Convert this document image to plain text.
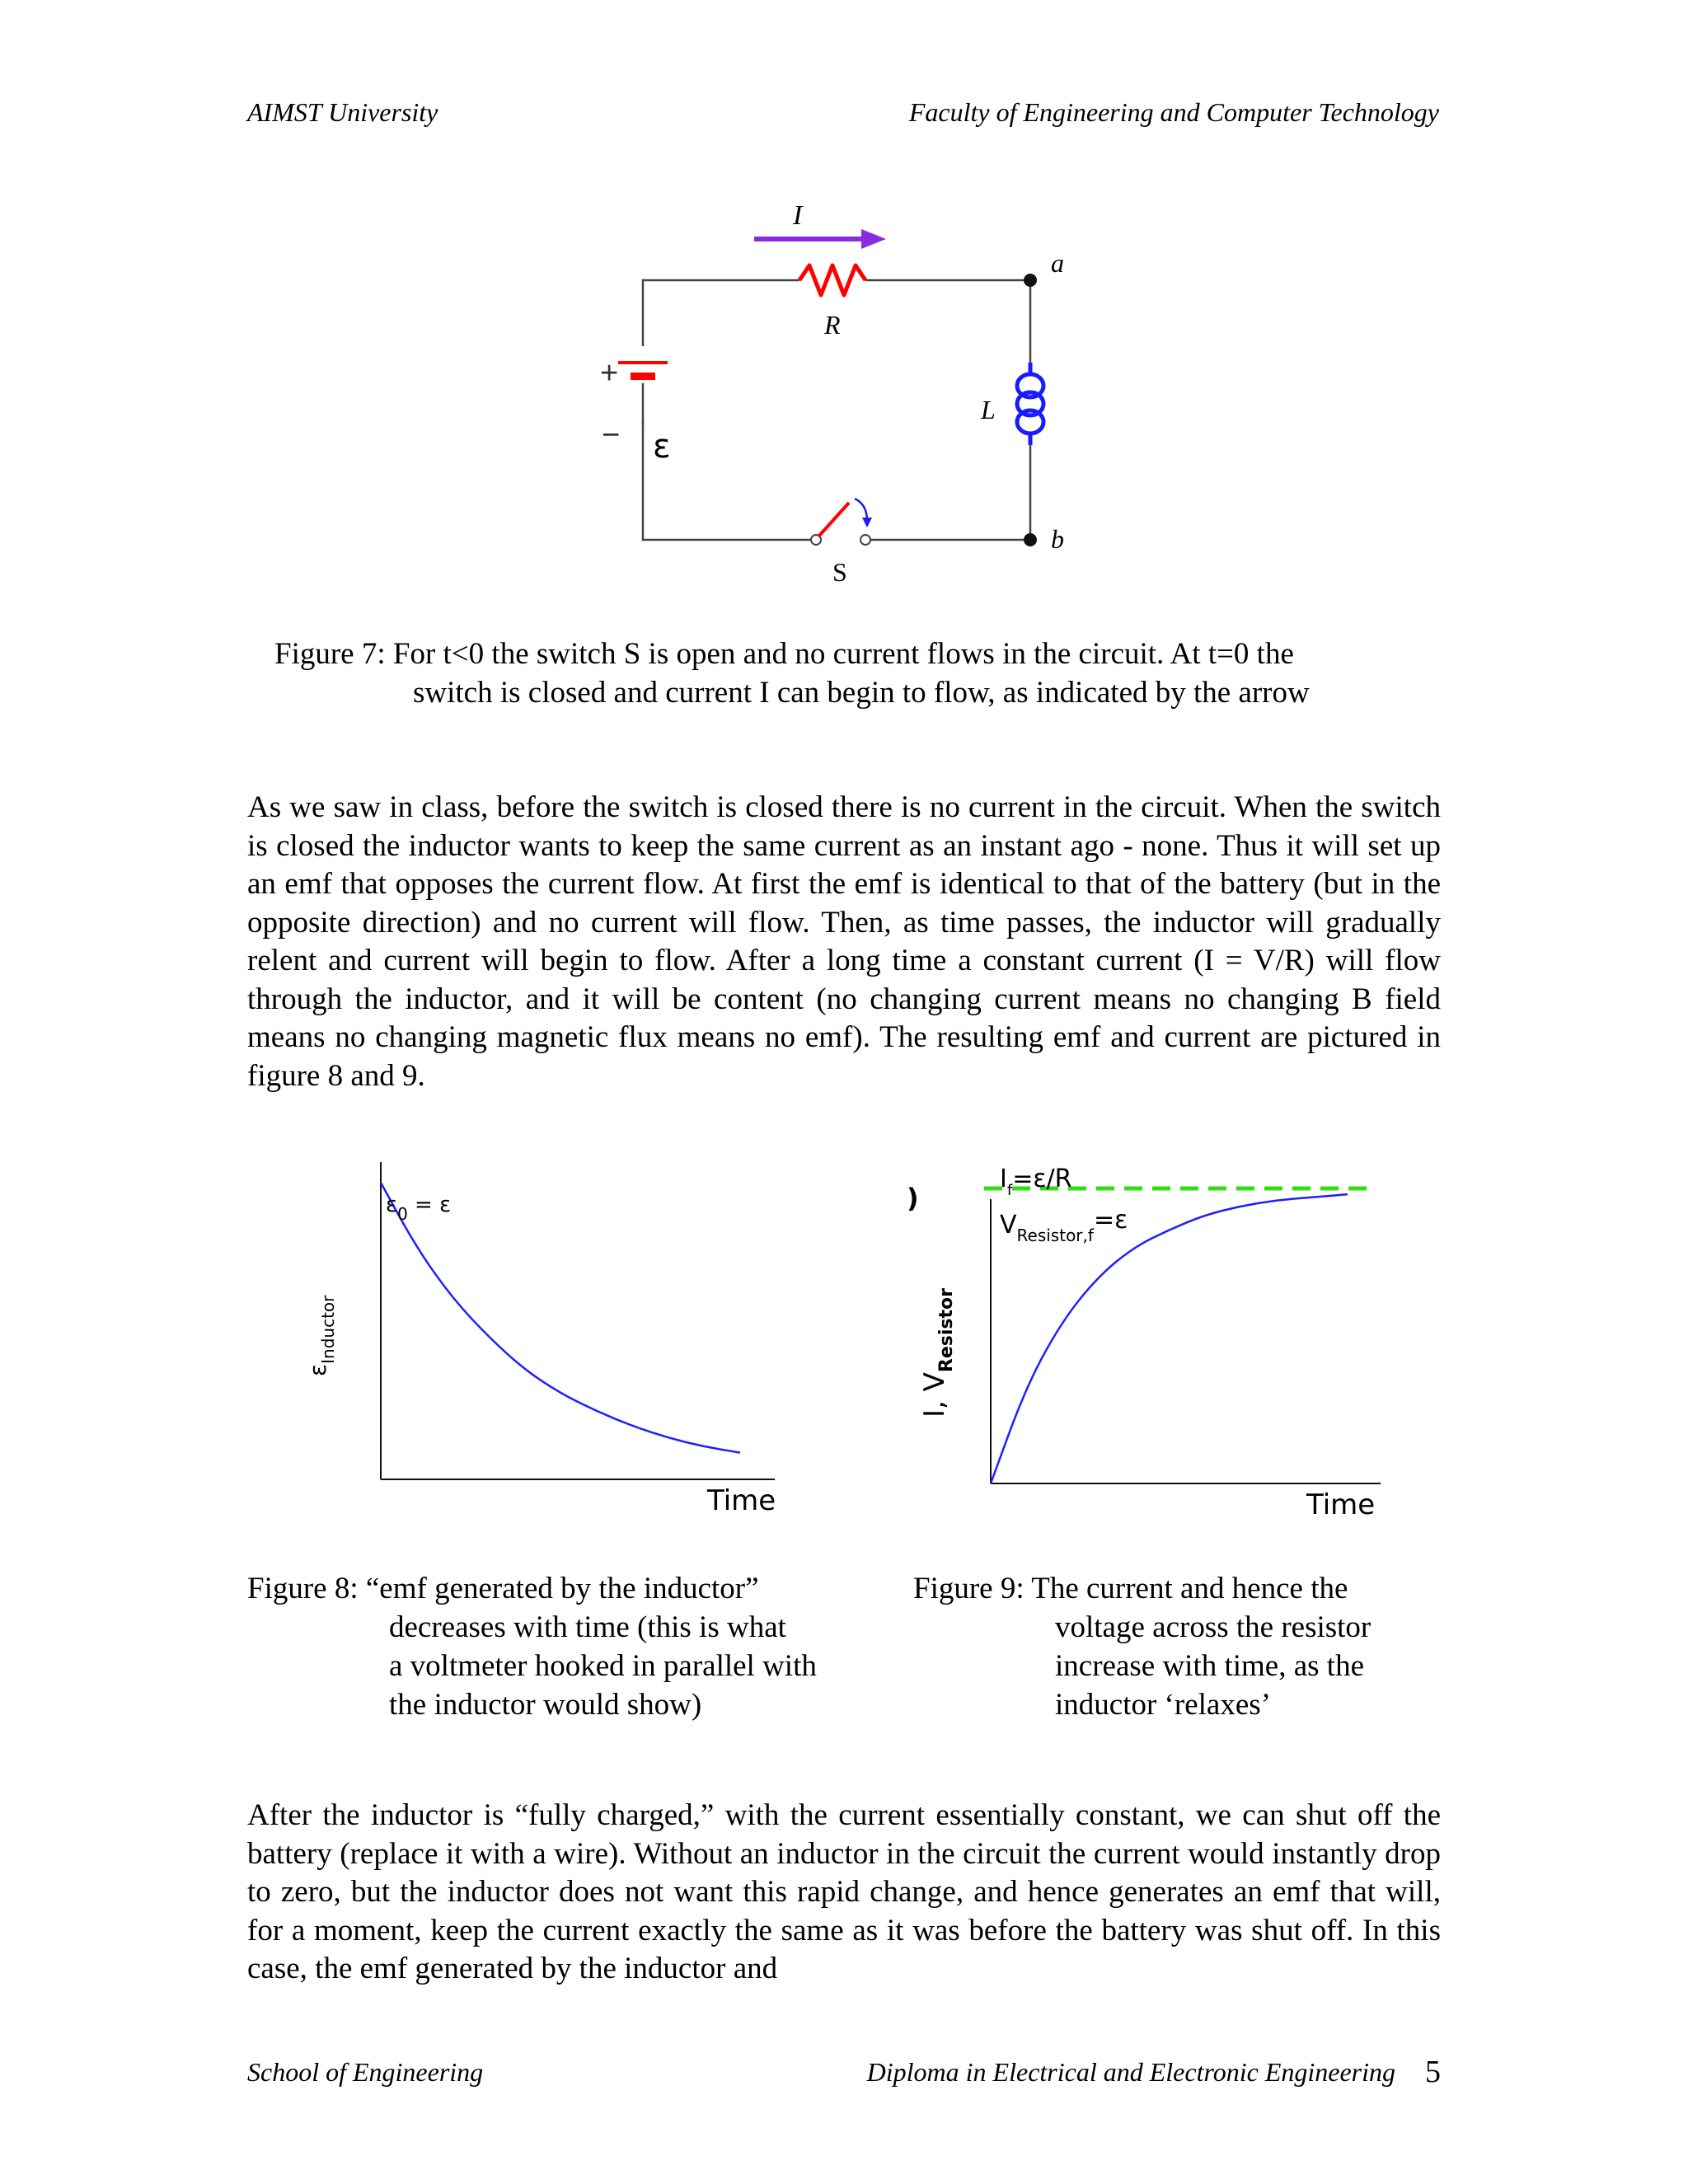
AIMST University	Faculty of Engineering and Computer Technology
I
R
a
L
b
+
− ε
S
Figure 7: For t<0 the switch S is open and no current flows in the circuit. At t=0 the
switch is closed and current I can begin to flow, as indicated by the arrow
As we saw in class, before the switch is closed there is no current in the circuit. When the switch is closed the inductor wants to keep the same current as an instant ago - none. Thus it will set up an emf that opposes the current flow. At first the emf is identical to that of the battery (but in the opposite direction) and no current will flow. Then, as time passes, the inductor will gradually relent and current will begin to flow. After a long time a constant current (I = V/R) will flow through the inductor, and it will be content (no changing current means no changing B field means no changing magnetic flux means no emf). The resulting emf and current are pictured in figure 8 and 9.
$\varepsilon_0 = \varepsilon$
Time
$\varepsilon_{Inductor}$
)
$I_f=\varepsilon/R$
$V_{Resistor,f}=\varepsilon$
Time
I, $V_{Resistor}$
Figure 8: “emf generated by the inductor”
decreases with time (this is what
a voltmeter hooked in parallel with
the inductor would show)
Figure 9: The current and hence the
voltage across the resistor
increase with time, as the
inductor ‘relaxes’
After the inductor is “fully charged,” with the current essentially constant, we can shut off the battery (replace it with a wire). Without an inductor in the circuit the current would instantly drop to zero, but the inductor does not want this rapid change, and hence generates an emf that will, for a moment, keep the current exactly the same as it was before the battery was shut off. In this case, the emf generated by the inductor and
School of Engineering	Diploma in Electrical and Electronic Engineering 5
